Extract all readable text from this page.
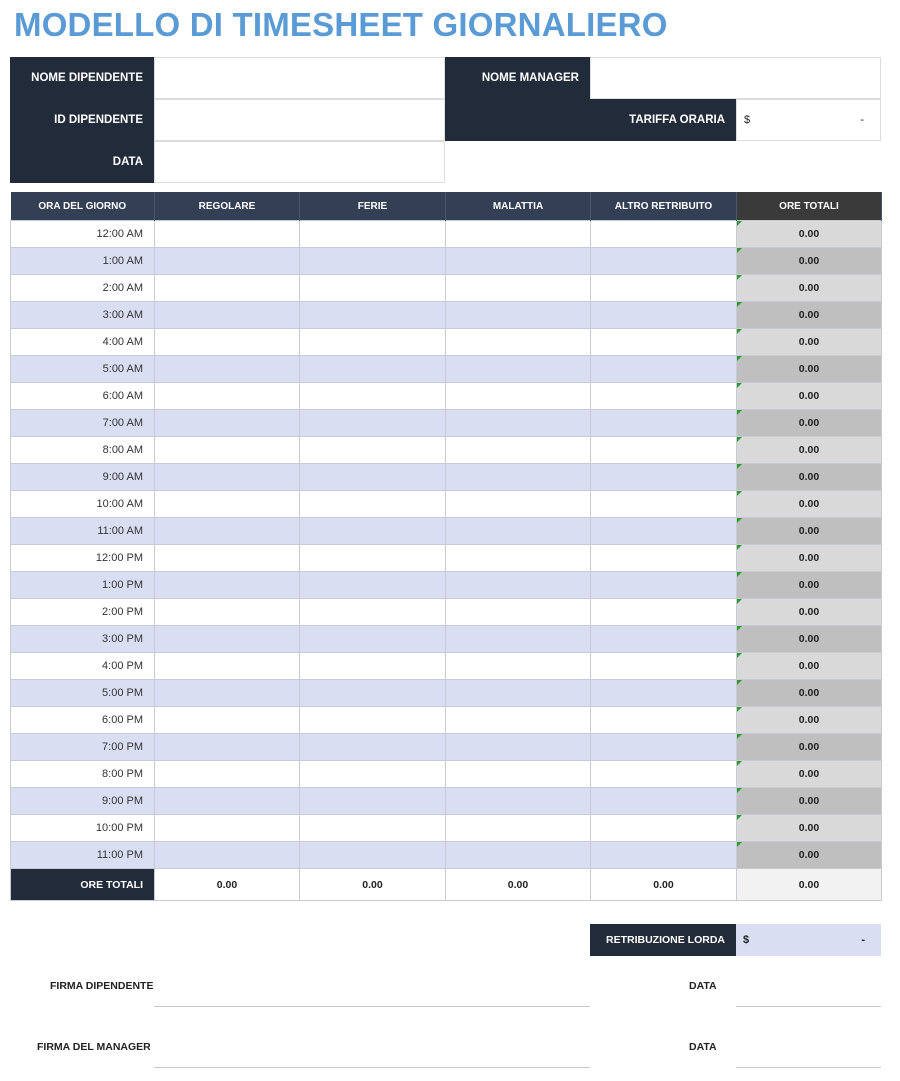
MODELLO DI TIMESHEET GIORNALIERO
NOME DIPENDENTE
ID DIPENDENTE
DATA
NOME MANAGER
TARIFFA ORARIA	$	-
ORA DEL GIORNO	REGOLARE	FERIE	MALATTIA	ALTRO RETRIBUITO	ORE TOTALI
12:00 AM					0.00
1:00 AM					0.00
2:00 AM					0.00
3:00 AM					0.00
4:00 AM					0.00
5:00 AM					0.00
6:00 AM					0.00
7:00 AM					0.00
8:00 AM					0.00
9:00 AM					0.00
10:00 AM					0.00
11:00 AM					0.00
12:00 PM					0.00
1:00 PM					0.00
2:00 PM					0.00
3:00 PM					0.00
4:00 PM					0.00
5:00 PM					0.00
6:00 PM					0.00
7:00 PM					0.00
8:00 PM					0.00
9:00 PM					0.00
10:00 PM					0.00
11:00 PM					0.00
ORE TOTALI	0.00	0.00	0.00	0.00	0.00
RETRIBUZIONE LORDA	$	-
FIRMA DIPENDENTE	DATA
FIRMA DEL MANAGER	DATA
